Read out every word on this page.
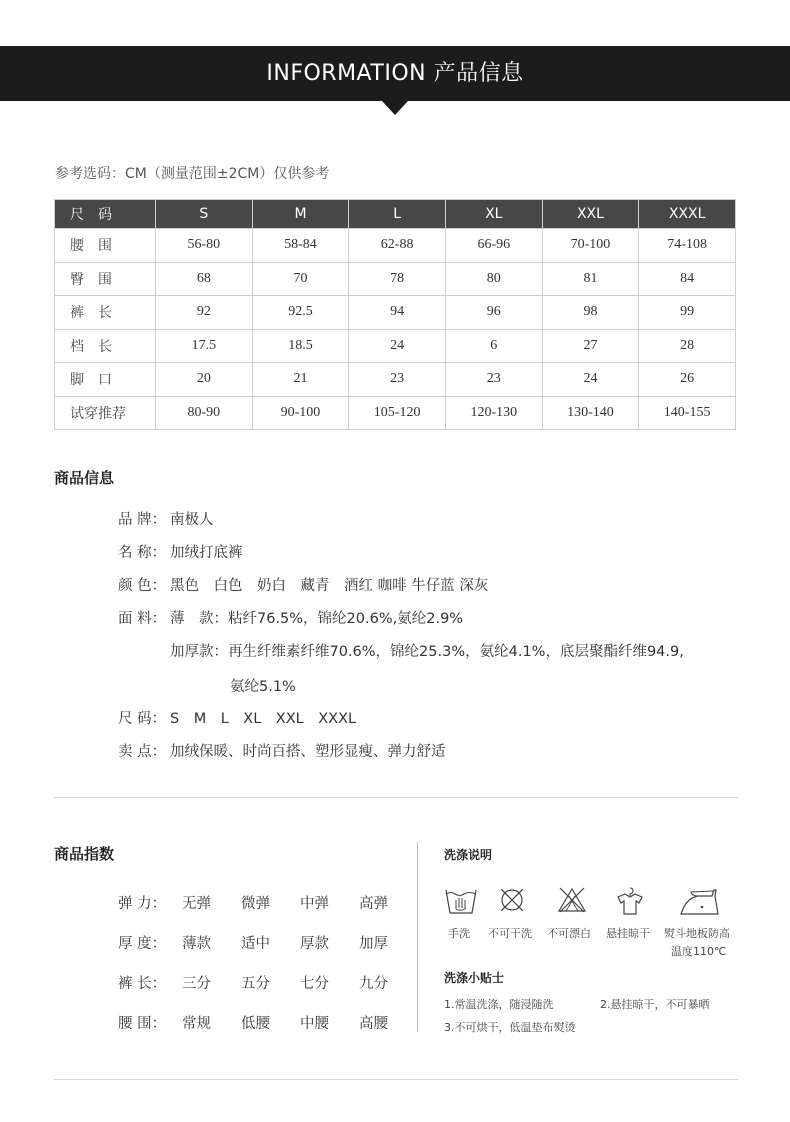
INFORMATION 产品信息
参考选码：CM（测量范围±2CM）仅供参考
尺　码	S	M	L	XL	XXL	XXXL
腰　围	56-80	58-84	62-88	66-96	70-100	74-108
臀　围	68	70	78	80	81	84
裤　长	92	92.5	94	96	98	99
档　长	17.5	18.5	24	6	27	28
脚　口	20	21	23	23	24	26
试穿推荐	80-90	90-100	105-120	120-130	130-140	140-155
商品信息
品 牌： 南极人
名 称： 加绒打底裤
颜 色： 黑色　白色　奶白　藏青　酒红 咖啡 牛仔蓝 深灰
面 料： 薄　款：粘纤76.5%，锦纶20.6%,氨纶2.9%
加厚款：再生纤维素纤维70.6%，锦纶25.3%，氨纶4.1%，底层聚酯纤维94.9,
氨纶5.1%
尺 码： S　M　L　XL　XXL　XXXL
卖 点： 加绒保暖、时尚百搭、塑形显瘦、弹力舒适
商品指数
弹 力： 无弹 微弹 中弹 高弹
厚 度： 薄款 适中 厚款 加厚
裤 长： 三分 五分 七分 九分
腰 围： 常规 低腰 中腰 高腰
洗涤说明
手洗 不可干洗 不可漂白 悬挂晾干 熨斗地板防高
温度110℃
洗涤小贴士
1.常温洗涤，随浸随洗	2.悬挂晾干，不可暴晒
3.不可烘干，低温垫布熨烫
